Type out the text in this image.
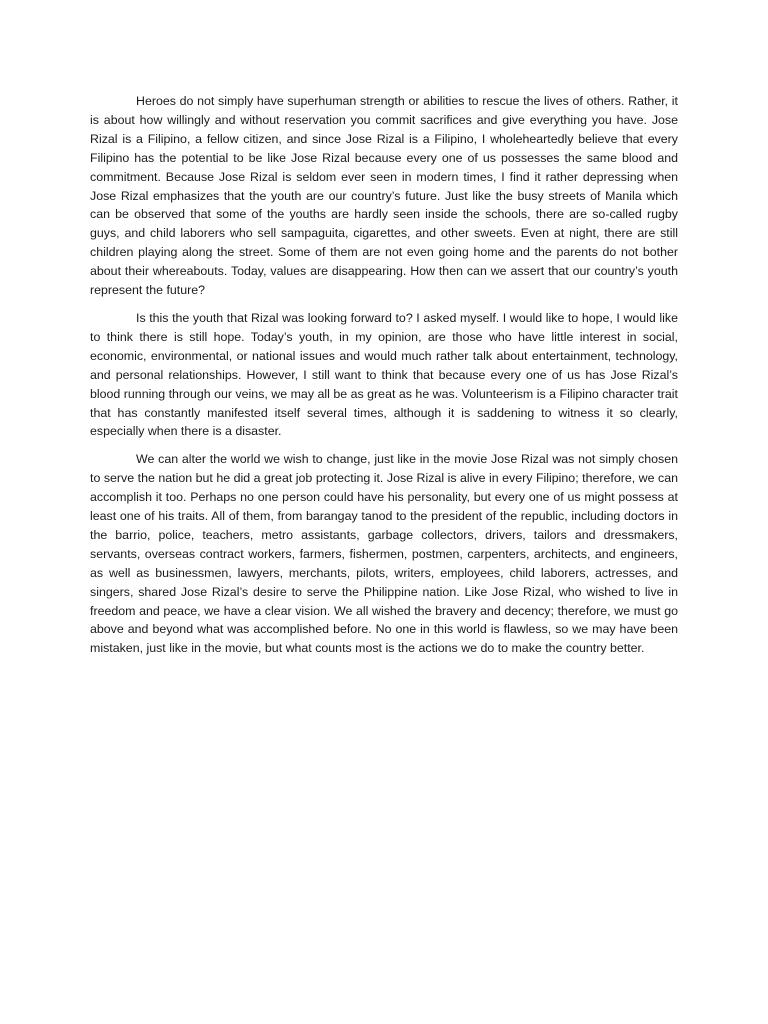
Heroes do not simply have superhuman strength or abilities to rescue the lives of others. Rather, it is about how willingly and without reservation you commit sacrifices and give everything you have. Jose Rizal is a Filipino, a fellow citizen, and since Jose Rizal is a Filipino, I wholeheartedly believe that every Filipino has the potential to be like Jose Rizal because every one of us possesses the same blood and commitment. Because Jose Rizal is seldom ever seen in modern times, I find it rather depressing when Jose Rizal emphasizes that the youth are our country’s future. Just like the busy streets of Manila which can be observed that some of the youths are hardly seen inside the schools, there are so-called rugby guys, and child laborers who sell sampaguita, cigarettes, and other sweets. Even at night, there are still children playing along the street. Some of them are not even going home and the parents do not bother about their whereabouts. Today, values are disappearing. How then can we assert that our country’s youth represent the future?

Is this the youth that Rizal was looking forward to? I asked myself. I would like to hope, I would like to think there is still hope. Today’s youth, in my opinion, are those who have little interest in social, economic, environmental, or national issues and would much rather talk about entertainment, technology, and personal relationships. However, I still want to think that because every one of us has Jose Rizal’s blood running through our veins, we may all be as great as he was. Volunteerism is a Filipino character trait that has constantly manifested itself several times, although it is saddening to witness it so clearly, especially when there is a disaster.

We can alter the world we wish to change, just like in the movie Jose Rizal was not simply chosen to serve the nation but he did a great job protecting it. Jose Rizal is alive in every Filipino; therefore, we can accomplish it too. Perhaps no one person could have his personality, but every one of us might possess at least one of his traits. All of them, from barangay tanod to the president of the republic, including doctors in the barrio, police, teachers, metro assistants, garbage collectors, drivers, tailors and dressmakers, servants, overseas contract workers, farmers, fishermen, postmen, carpenters, architects, and engineers, as well as businessmen, lawyers, merchants, pilots, writers, employees, child laborers, actresses, and singers, shared Jose Rizal’s desire to serve the Philippine nation. Like Jose Rizal, who wished to live in freedom and peace, we have a clear vision. We all wished the bravery and decency; therefore, we must go above and beyond what was accomplished before. No one in this world is flawless, so we may have been mistaken, just like in the movie, but what counts most is the actions we do to make the country better.
